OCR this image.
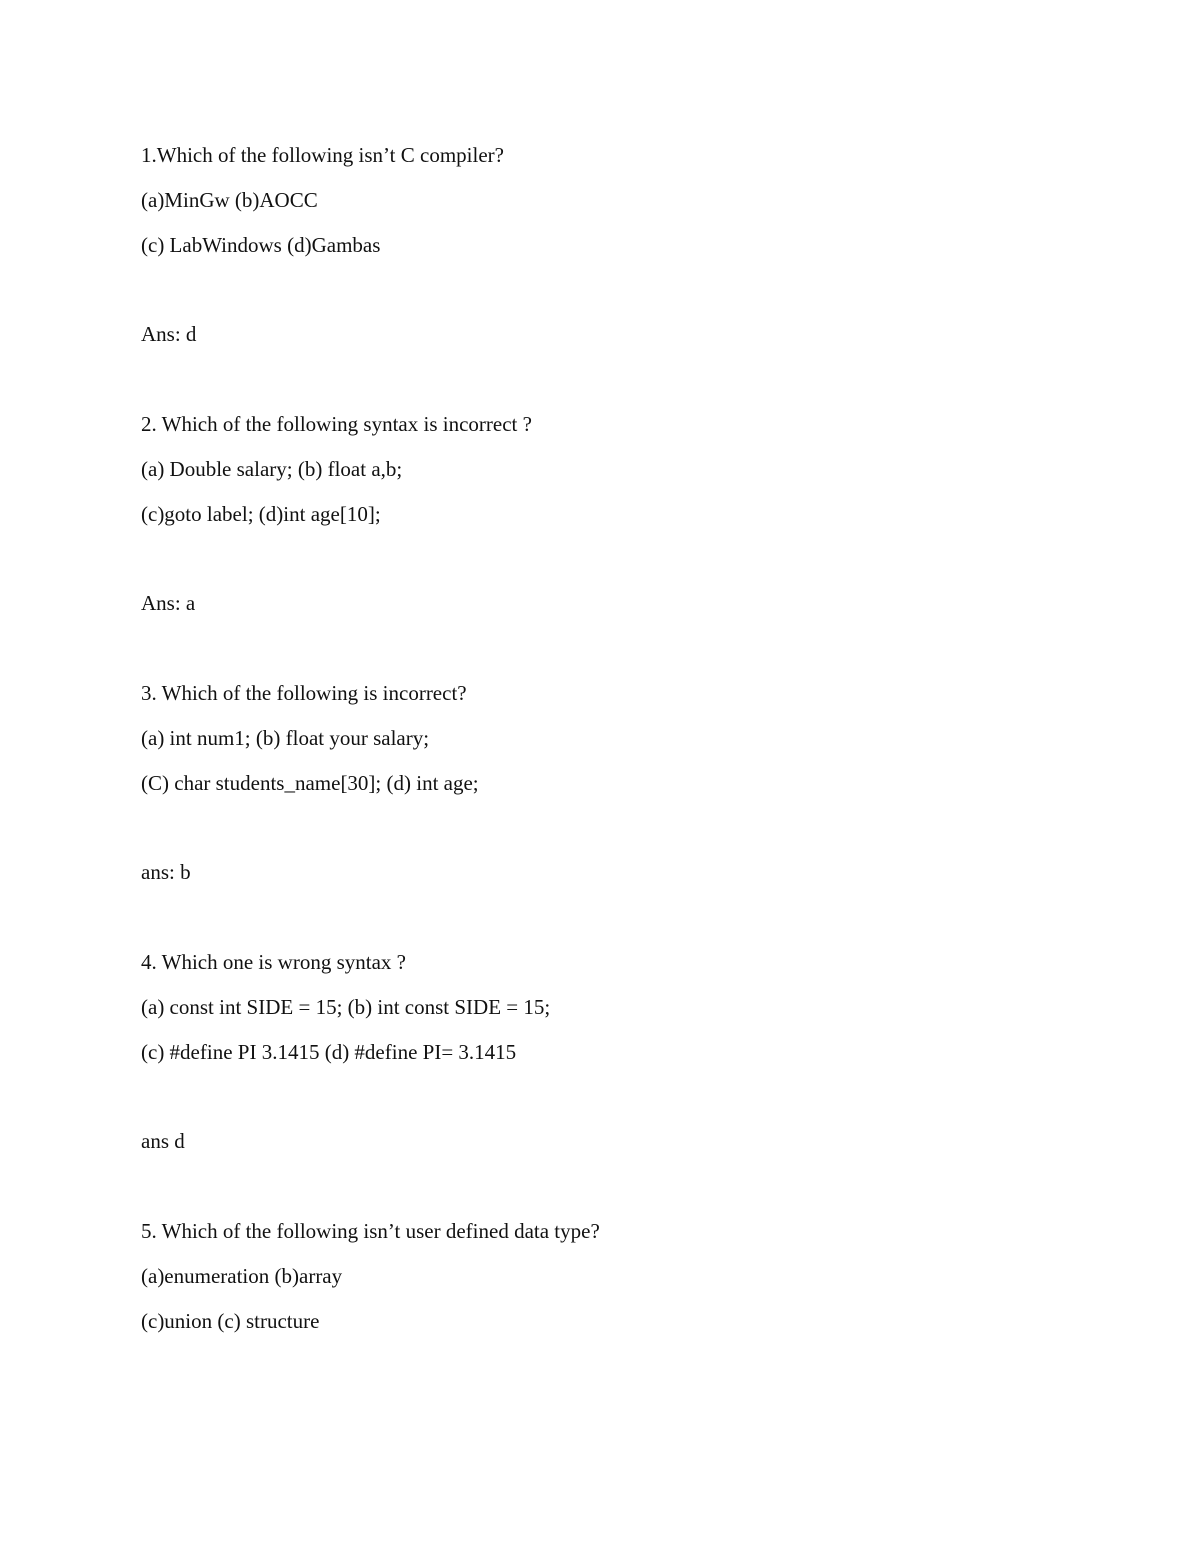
1.Which of the following isn’t C compiler?
(a)MinGw (b)AOCC
(c) LabWindows (d)Gambas
Ans: d
2. Which of the following syntax is incorrect ?
(a) Double salary; (b) float a,b;
(c)goto label; (d)int age[10];
Ans: a
3. Which of the following is incorrect?
(a) int num1; (b) float your salary;
(C) char students_name[30]; (d) int age;
ans: b
4. Which one is wrong syntax ?
(a) const int SIDE = 15; (b) int const SIDE = 15;
(c) #define PI 3.1415 (d) #define PI= 3.1415
ans d
5. Which of the following isn’t user defined data type?
(a)enumeration (b)array
(c)union (c) structure
